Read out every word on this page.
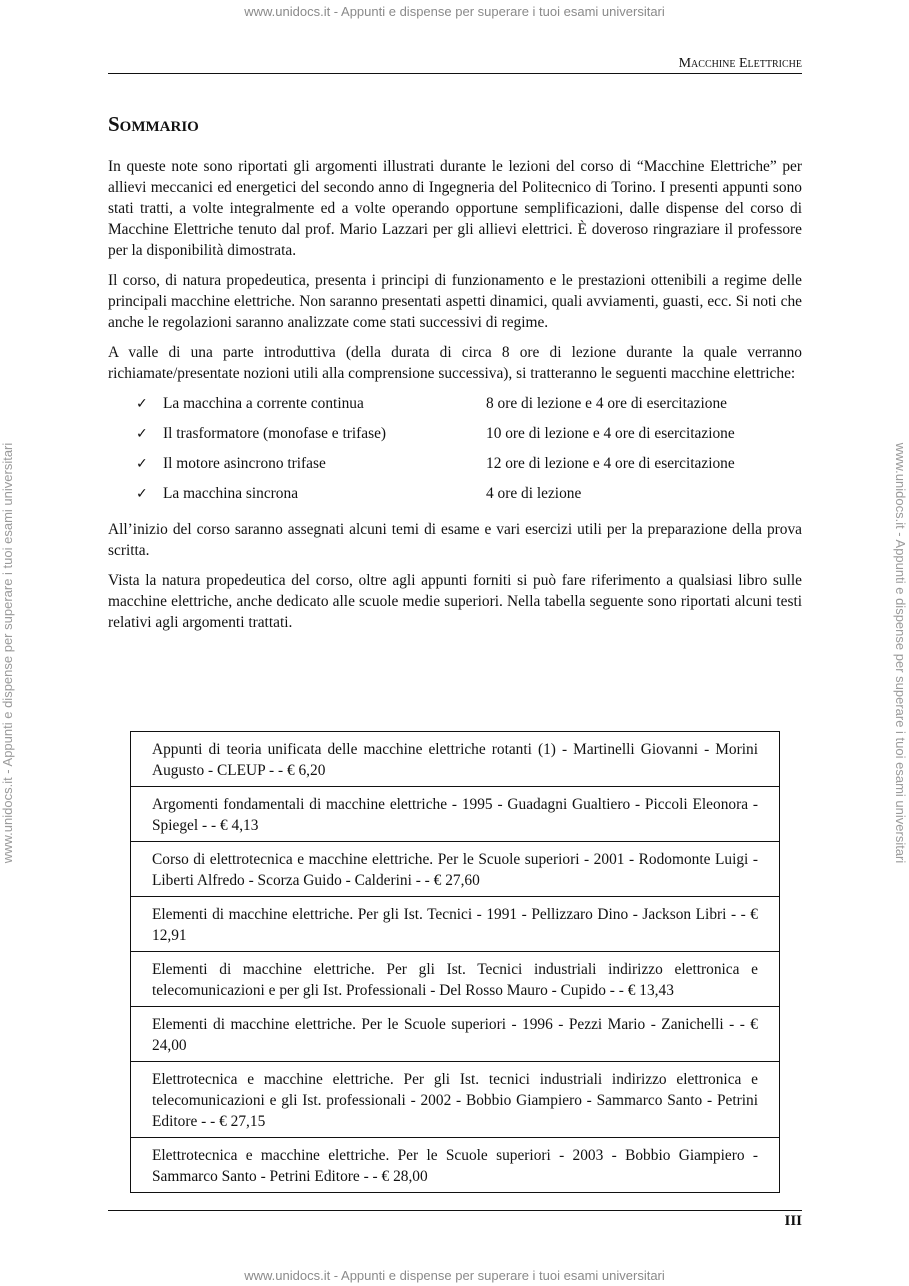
www.unidocs.it - Appunti e dispense per superare i tuoi esami universitari
www.unidocs.it - Appunti e dispense per superare i tuoi esami universitari	www.unidocs.it - Appunti e dispense per superare i tuoi esami universitari
www.unidocs.it - Appunti e dispense per superare i tuoi esami universitari
Macchine Elettriche
Sommario

In queste note sono riportati gli argomenti illustrati durante le lezioni del corso di “Macchine Elettriche” per allievi meccanici ed energetici del secondo anno di Ingegneria del Politecnico di Torino. I presenti appunti sono stati tratti, a volte integralmente ed a volte operando opportune semplificazioni, dalle dispense del corso di Macchine Elettriche tenuto dal prof. Mario Lazzari per gli allievi elettrici. È doveroso ringraziare il professore per la disponibilità dimostrata.

Il corso, di natura propedeutica, presenta i principi di funzionamento e le prestazioni ottenibili a regime delle principali macchine elettriche. Non saranno presentati aspetti dinamici, quali avviamenti, guasti, ecc. Si noti che anche le regolazioni saranno analizzate come stati successivi di regime.

A valle di una parte introduttiva (della durata di circa 8 ore di lezione durante la quale verranno richiamate/presentate nozioni utili alla comprensione successiva), si tratteranno le seguenti macchine elettriche:

✓ La macchina a corrente continua	8 ore di lezione e 4 ore di esercitazione
✓ Il trasformatore (monofase e trifase)	10 ore di lezione e 4 ore di esercitazione
✓ Il motore asincrono trifase	12 ore di lezione e 4 ore di esercitazione
✓ La macchina sincrona	4 ore di lezione

All’inizio del corso saranno assegnati alcuni temi di esame e vari esercizi utili per la preparazione della prova scritta.

Vista la natura propedeutica del corso, oltre agli appunti forniti si può fare riferimento a qualsiasi libro sulle macchine elettriche, anche dedicato alle scuole medie superiori. Nella tabella seguente sono riportati alcuni testi relativi agli argomenti trattati.

Appunti di teoria unificata delle macchine elettriche rotanti (1) - Martinelli Giovanni - Morini Augusto - CLEUP - - € 6,20
Argomenti fondamentali di macchine elettriche - 1995 - Guadagni Gualtiero - Piccoli Eleonora - Spiegel - - € 4,13
Corso di elettrotecnica e macchine elettriche. Per le Scuole superiori - 2001 - Rodomonte Luigi - Liberti Alfredo - Scorza Guido - Calderini - - € 27,60
Elementi di macchine elettriche. Per gli Ist. Tecnici - 1991 - Pellizzaro Dino - Jackson Libri - - € 12,91
Elementi di macchine elettriche. Per gli Ist. Tecnici industriali indirizzo elettronica e telecomunicazioni e per gli Ist. Professionali - Del Rosso Mauro - Cupido - - € 13,43
Elementi di macchine elettriche. Per le Scuole superiori - 1996 - Pezzi Mario - Zanichelli - - € 24,00
Elettrotecnica e macchine elettriche. Per gli Ist. tecnici industriali indirizzo elettronica e telecomunicazioni e gli Ist. professionali - 2002 - Bobbio Giampiero - Sammarco Santo - Petrini Editore - - € 27,15
Elettrotecnica e macchine elettriche. Per le Scuole superiori - 2003 - Bobbio Giampiero - Sammarco Santo - Petrini Editore - - € 28,00
III
